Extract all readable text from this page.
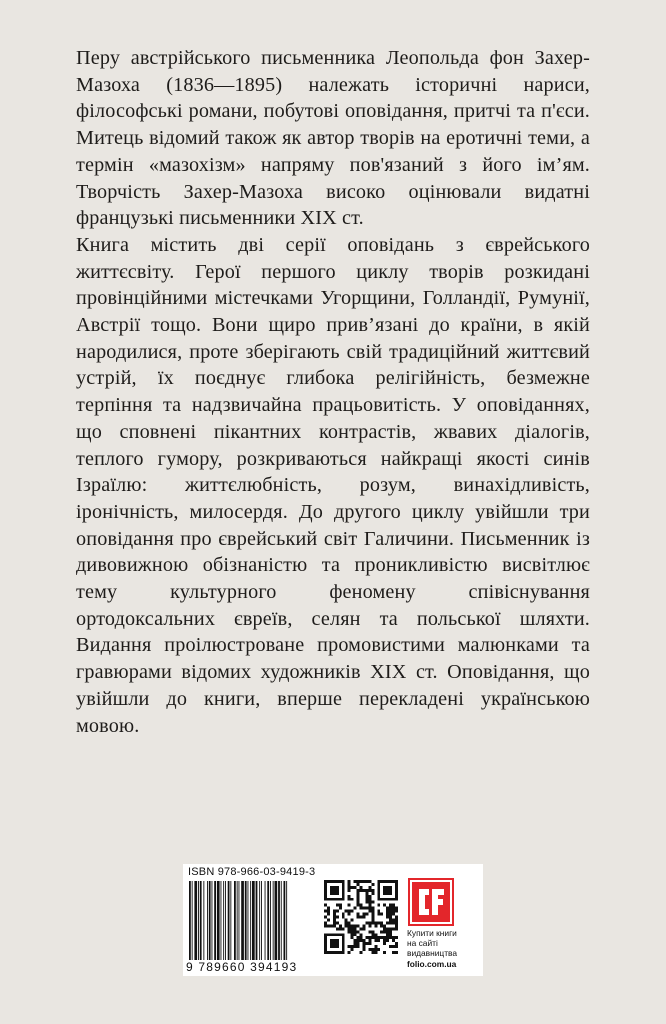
Перу австрійського письменника Леопольда фон Захер-Мазоха (1836—1895) належать історичні нариси, філософські романи, побутові оповідання, притчі та п'єси. Митець відомий також як автор творів на еротичні теми, а термін «мазохізм» напряму пов'язаний з його ім’ям. Творчість Захер-Мазоха високо оцінювали видатні французькі письменники XIX ст.

Книга містить дві серії оповідань з єврейського життєсвіту. Герої першого циклу творів розкидані провінційними містечками Угорщини, Голландії, Румунії, Австрії тощо. Вони щиро прив’язані до країни, в якій народилися, проте зберігають свій традиційний життєвий устрій, їх поєднує глибока релігійність, безмежне терпіння та надзвичайна працьовитість. У оповіданнях, що сповнені пікантних контрастів, жвавих діалогів, теплого гумору, розкриваються найкращі якості синів Ізраїлю: життєлюбність, розум, винахідливість, іронічність, милосердя. До другого циклу увійшли три оповідання про єврейський світ Галичини. Письменник із дивовижною обізнаністю та проникливістю висвітлює тему культурного феномену співіснування ортодоксальних євреїв, селян та польської шляхти. Видання проілюстроване промовистими малюнками та гравюрами відомих художників XIX ст. Оповідання, що увійшли до книги, вперше перекладені українською мовою.

ISBN 978-966-03-9419-3
9 789660 394193
Купити книги
на сайті
видавництва
folio.com.ua
